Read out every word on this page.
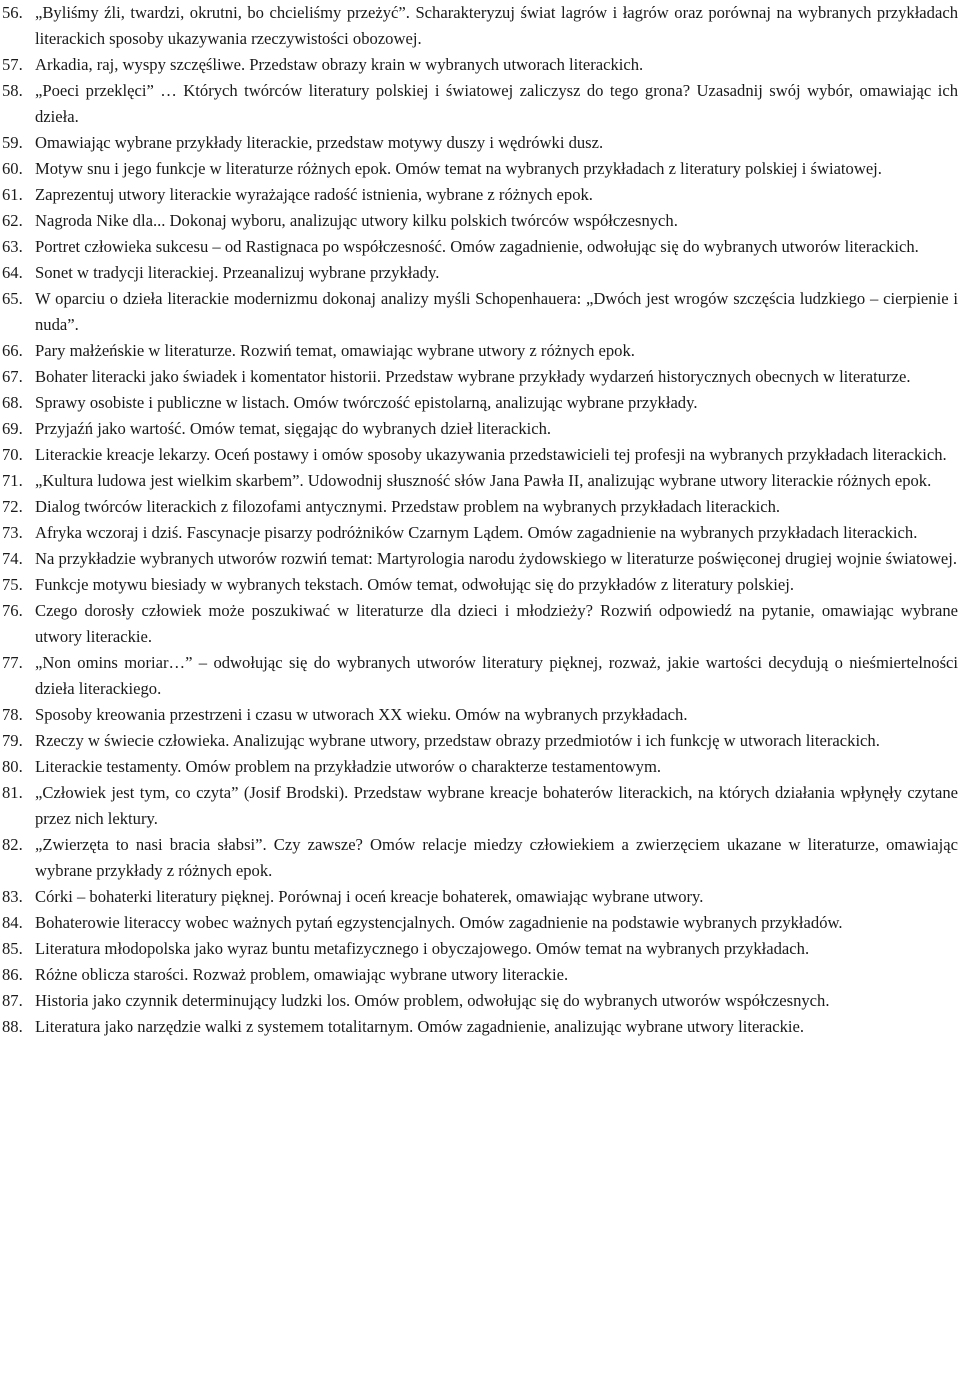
56. „Byliśmy źli, twardzi, okrutni, bo chcieliśmy przeżyć”. Scharakteryzuj świat lagrów i łagrów oraz porównaj na wybranych przykładach literackich sposoby ukazywania rzeczywistości obozowej.
57. Arkadia, raj, wyspy szczęśliwe. Przedstaw obrazy krain w wybranych utworach literackich.
58. „Poeci przeklęci” … Których twórców literatury polskiej i światowej zaliczysz do tego grona? Uzasadnij swój wybór, omawiając ich dzieła.
59. Omawiając wybrane przykłady literackie, przedstaw motywy duszy i wędrówki dusz.
60. Motyw snu i jego funkcje w literaturze różnych epok. Omów temat na wybranych przykładach z literatury polskiej i światowej.
61. Zaprezentuj utwory literackie wyrażające radość istnienia, wybrane z różnych epok.
62. Nagroda Nike dla... Dokonaj wyboru, analizując utwory kilku polskich twórców współczesnych.
63. Portret człowieka sukcesu – od Rastignaca po współczesność. Omów zagadnienie, odwołując się do wybranych utworów literackich.
64. Sonet w tradycji literackiej. Przeanalizuj wybrane przykłady.
65. W oparciu o dzieła literackie modernizmu dokonaj analizy myśli Schopenhauera: „Dwóch jest wrogów szczęścia ludzkiego – cierpienie i nuda”.
66. Pary małżeńskie w literaturze. Rozwiń temat, omawiając wybrane utwory z różnych epok.
67. Bohater literacki jako świadek i komentator historii. Przedstaw wybrane przykłady wydarzeń historycznych obecnych w literaturze.
68. Sprawy osobiste i publiczne w listach. Omów twórczość epistolarną, analizując wybrane przykłady.
69. Przyjaźń jako wartość. Omów temat, sięgając do wybranych dzieł literackich.
70. Literackie kreacje lekarzy. Oceń postawy i omów sposoby ukazywania przedstawicieli tej profesji na wybranych przykładach literackich.
71. „Kultura ludowa jest wielkim skarbem”. Udowodnij słuszność słów Jana Pawła II, analizując wybrane utwory literackie różnych epok.
72. Dialog twórców literackich z filozofami antycznymi. Przedstaw problem na wybranych przykładach literackich.
73. Afryka wczoraj i dziś. Fascynacje pisarzy podróżników Czarnym Lądem. Omów zagadnienie na wybranych przykładach literackich.
74. Na przykładzie wybranych utworów rozwiń temat: Martyrologia narodu żydowskiego w literaturze poświęconej drugiej wojnie światowej.
75. Funkcje motywu biesiady w wybranych tekstach. Omów temat, odwołując się do przykładów z literatury polskiej.
76. Czego dorosły człowiek może poszukiwać w literaturze dla dzieci i młodzieży? Rozwiń odpowiedź na pytanie, omawiając wybrane utwory literackie.
77. „Non omins moriar…” – odwołując się do wybranych utworów literatury pięknej, rozważ, jakie wartości decydują o nieśmiertelności dzieła literackiego.
78. Sposoby kreowania przestrzeni i czasu w utworach XX wieku. Omów na wybranych przykładach.
79. Rzeczy w świecie człowieka. Analizując wybrane utwory, przedstaw obrazy przedmiotów i ich funkcję w utworach literackich.
80. Literackie testamenty. Omów problem na przykładzie utworów o charakterze testamentowym.
81. „Człowiek jest tym, co czyta” (Josif Brodski). Przedstaw wybrane kreacje bohaterów literackich, na których działania wpłynęły czytane przez nich lektury.
82. „Zwierzęta to nasi bracia słabsi”. Czy zawsze? Omów relacje miedzy człowiekiem a zwierzęciem ukazane w literaturze, omawiając wybrane przykłady z różnych epok.
83. Córki – bohaterki literatury pięknej. Porównaj i oceń kreacje bohaterek, omawiając wybrane utwory.
84. Bohaterowie literaccy wobec ważnych pytań egzystencjalnych. Omów zagadnienie na podstawie wybranych przykładów.
85. Literatura młodopolska jako wyraz buntu metafizycznego i obyczajowego. Omów temat na wybranych przykładach.
86. Różne oblicza starości. Rozważ problem, omawiając wybrane utwory literackie.
87. Historia jako czynnik determinujący ludzki los. Omów problem, odwołując się do wybranych utworów współczesnych.
88. Literatura jako narzędzie walki z systemem totalitarnym. Omów zagadnienie, analizując wybrane utwory literackie.
